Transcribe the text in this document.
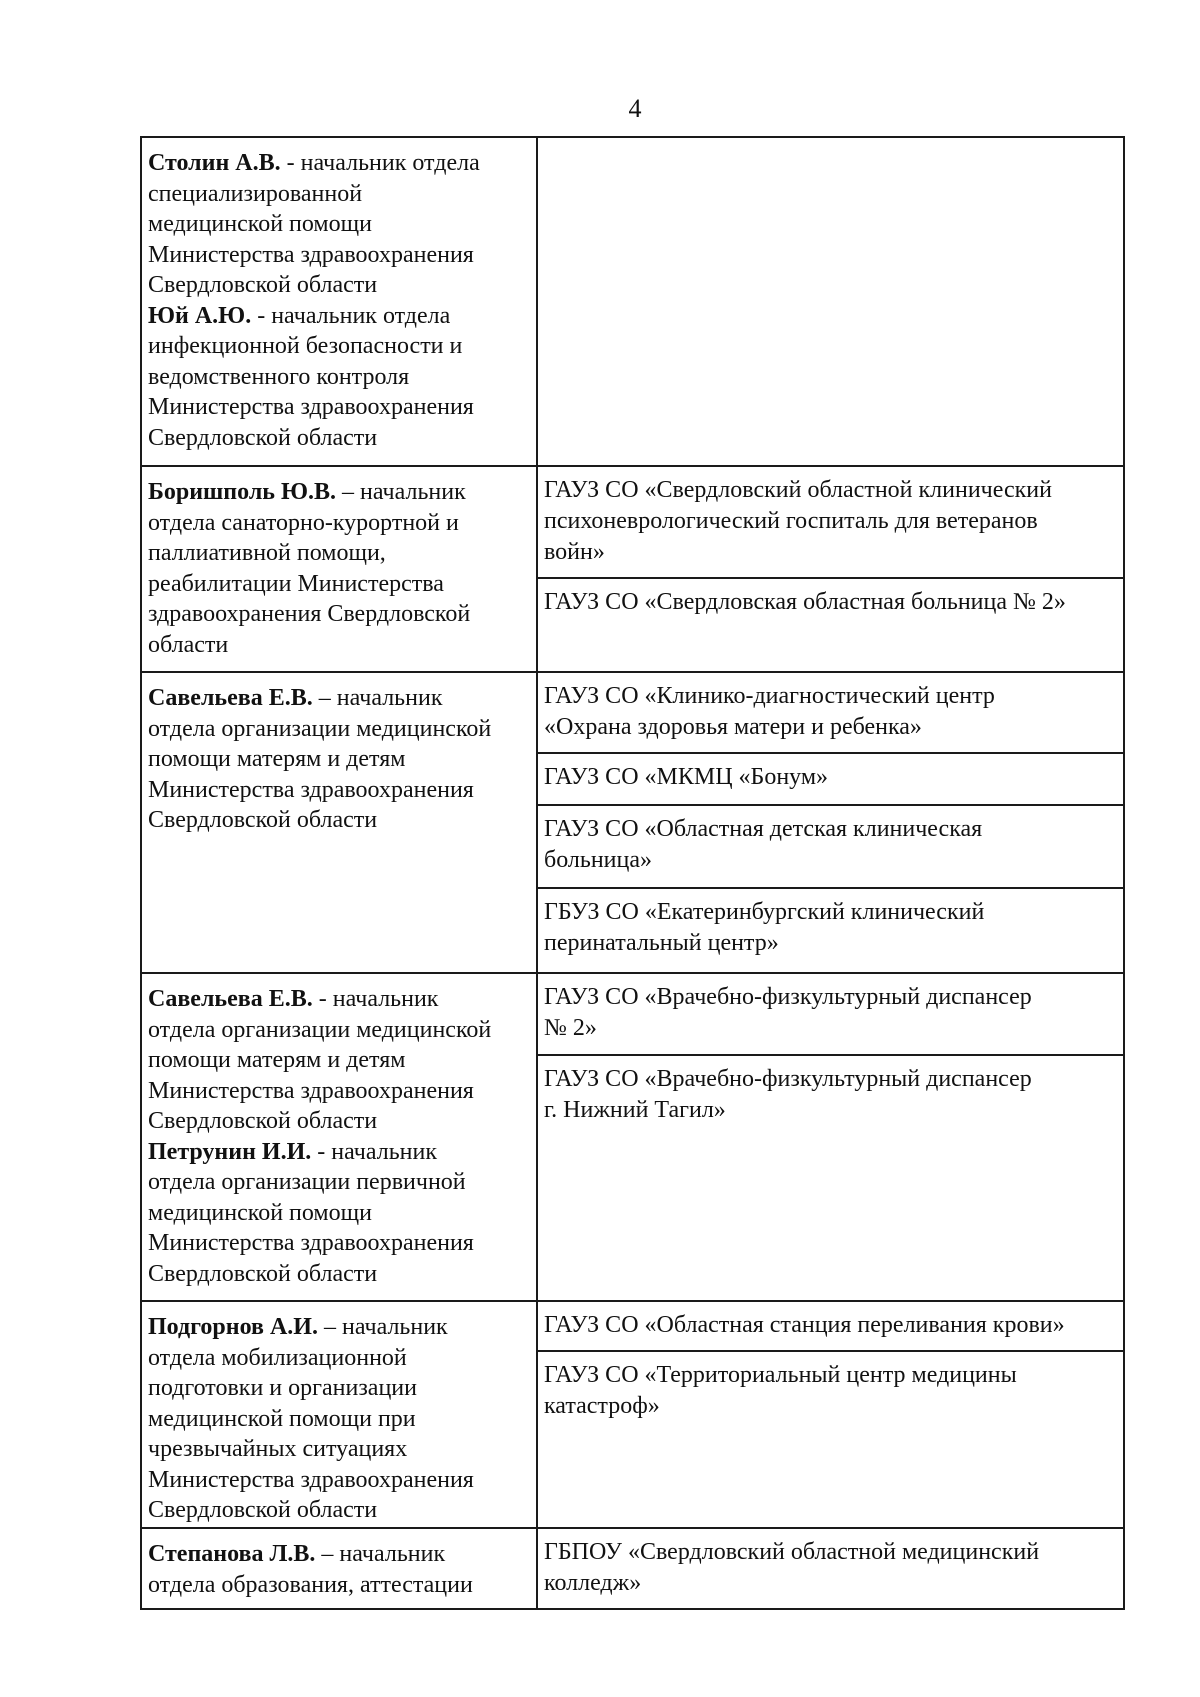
4
Столин А.В. - начальник отдела
специализированной
медицинской помощи
Министерства здравоохранения
Свердловской области
Юй А.Ю. - начальник отдела
инфекционной безопасности и
ведомственного контроля
Министерства здравоохранения
Свердловской области
Боришполь Ю.В. – начальник
отдела санаторно-курортной и
паллиативной помощи,
реабилитации Министерства
здравоохранения Свердловской
области
ГАУЗ СО «Свердловский областной клинический
психоневрологический госпиталь для ветеранов
войн»
ГАУЗ СО «Свердловская областная больница № 2»
Савельева Е.В. – начальник
отдела организации медицинской
помощи матерям и детям
Министерства здравоохранения
Свердловской области
ГАУЗ СО «Клинико-диагностический центр
«Охрана здоровья матери и ребенка»
ГАУЗ СО «МКМЦ «Бонум»
ГАУЗ СО «Областная детская клиническая
больница»
ГБУЗ СО «Екатеринбургский клинический
перинатальный центр»
Савельева Е.В. - начальник
отдела организации медицинской
помощи матерям и детям
Министерства здравоохранения
Свердловской области
Петрунин И.И. - начальник
отдела организации первичной
медицинской помощи
Министерства здравоохранения
Свердловской области
ГАУЗ СО «Врачебно-физкультурный диспансер
№ 2»
ГАУЗ СО «Врачебно-физкультурный диспансер
г. Нижний Тагил»
Подгорнов А.И. – начальник
отдела мобилизационной
подготовки и организации
медицинской помощи при
чрезвычайных ситуациях
Министерства здравоохранения
Свердловской области
ГАУЗ СО «Областная станция переливания крови»
ГАУЗ СО «Территориальный центр медицины
катастроф»
Степанова Л.В. – начальник
отдела образования, аттестации
ГБПОУ «Свердловский областной медицинский
колледж»
